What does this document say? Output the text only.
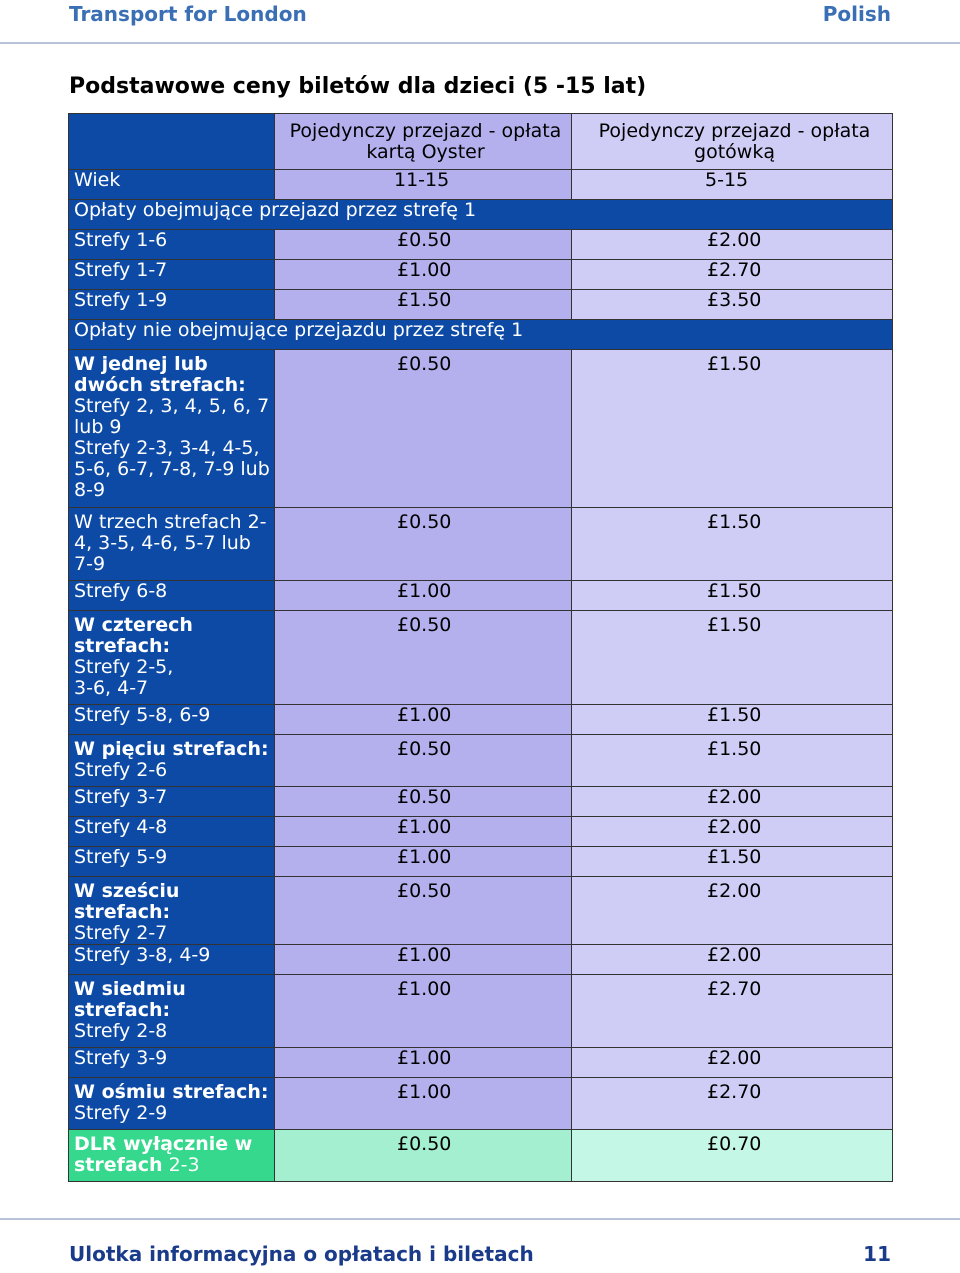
Transport for London	Polish
Podstawowe ceny biletów dla dzieci (5 -15 lat)
	Pojedynczy przejazd - opłata kartą Oyster	Pojedynczy przejazd - opłata gotówką
Wiek	11-15	5-15
Opłaty obejmujące przejazd przez strefę 1		
Strefy 1-6	£0.50	£2.00
Strefy 1-7	£1.00	£2.70
Strefy 1-9	£1.50	£3.50
Opłaty nie obejmujące przejazdu przez strefę 1		

W jednej lub dwóch strefach:
Strefy 2, 3, 4, 5, 6, 7 lub 9
Strefy 2-3, 3-4, 4-5, 5-6, 6-7, 7-8, 7-9 lub 8-9	£0.50	£1.50
W trzech strefach 2-4, 3-5, 4-6, 5-7 lub 7-9	£0.50	£1.50
Strefy 6-8	£1.00	£1.50

W czterech strefach:
Strefy 2-5, 3-6, 4-7	£0.50	£1.50
Strefy 5-8, 6-9	£1.00	£1.50

W pięciu strefach:
Strefy 2-6	£0.50	£1.50
Strefy 3-7	£0.50	£2.00
Strefy 4-8	£1.00	£2.00
Strefy 5-9	£1.00	£1.50

W sześciu strefach:
Strefy 2-7	£0.50	£2.00
Strefy 3-8, 4-9	£1.00	£2.00

W siedmiu strefach:
Strefy 2-8	£1.00	£2.70
Strefy 3-9	£1.00	£2.00

W ośmiu strefach:
Strefy 2-9	£1.00	£2.70
DLR wyłącznie w strefach 2-3	£0.50	£0.70
Ulotka informacyjna o opłatach i biletach	11
